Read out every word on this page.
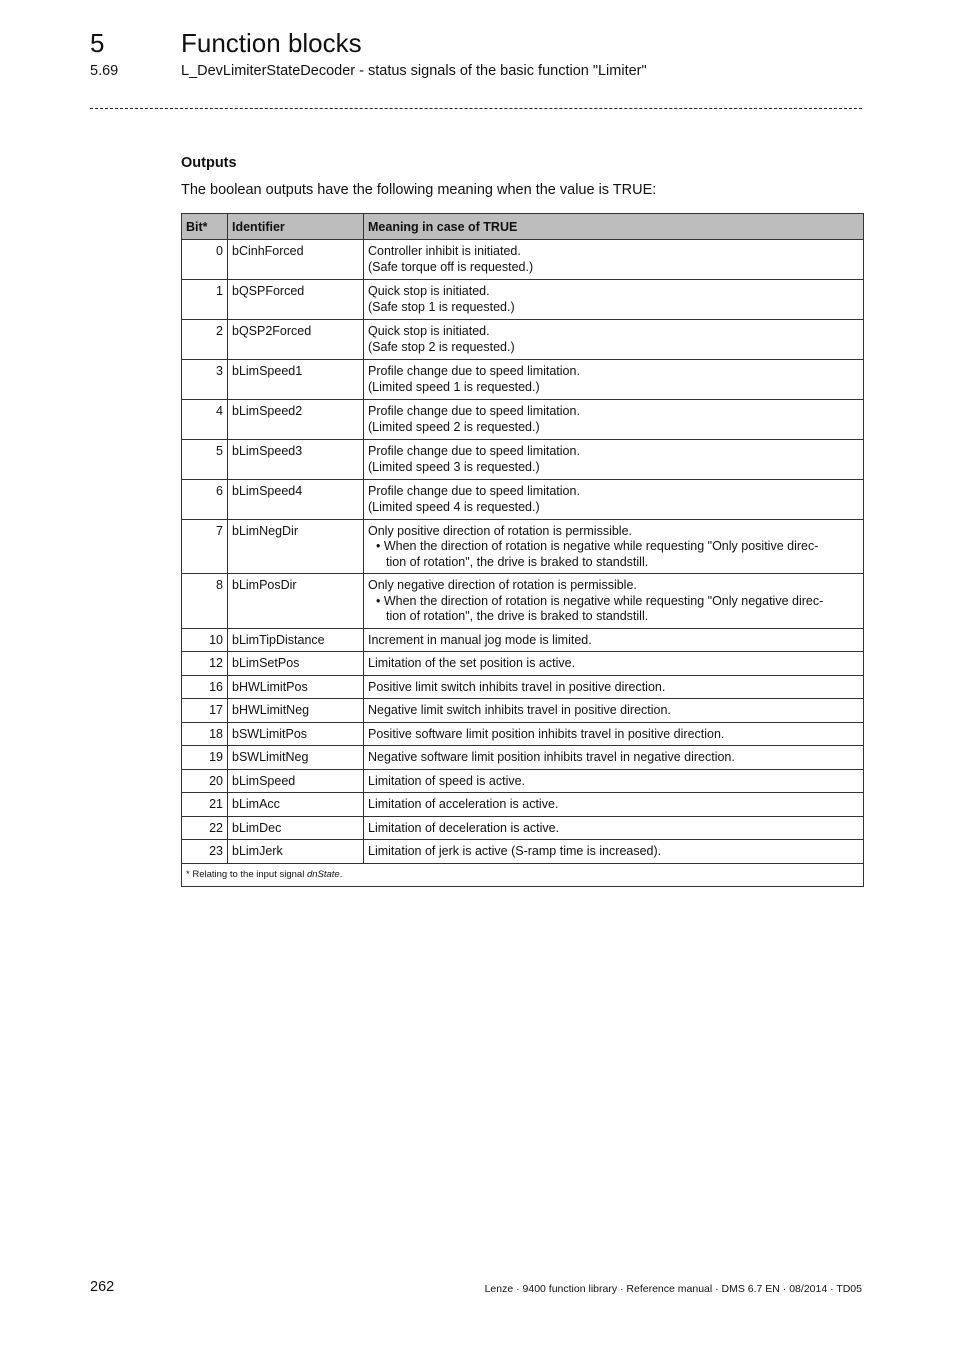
5	Function blocks
5.69	L_DevLimiterStateDecoder - status signals of the basic function "Limiter"
Outputs
The boolean outputs have the following meaning when the value is TRUE:
Bit*	Identifier	Meaning in case of TRUE
0	bCinhForced	Controller inhibit is initiated.
(Safe torque off is requested.)

1	bQSPForced	Quick stop is initiated.
(Safe stop 1 is requested.)

2	bQSP2Forced	Quick stop is initiated.
(Safe stop 2 is requested.)

3	bLimSpeed1	Profile change due to speed limitation.
(Limited speed 1 is requested.)

4	bLimSpeed2	Profile change due to speed limitation.
(Limited speed 2 is requested.)

5	bLimSpeed3	Profile change due to speed limitation.
(Limited speed 3 is requested.)

6	bLimSpeed4	Profile change due to speed limitation.
(Limited speed 4 is requested.)

7	bLimNegDir	Only positive direction of rotation is permissible.
• When the direction of rotation is negative while requesting "Only positive direc-
tion of rotation", the drive is braked to standstill.

8	bLimPosDir	Only negative direction of rotation is permissible.
• When the direction of rotation is negative while requesting "Only negative direc-
tion of rotation", the drive is braked to standstill.

10	bLimTipDistance	Increment in manual jog mode is limited.
12	bLimSetPos	Limitation of the set position is active.
16	bHWLimitPos	Positive limit switch inhibits travel in positive direction.
17	bHWLimitNeg	Negative limit switch inhibits travel in positive direction.
18	bSWLimitPos	Positive software limit position inhibits travel in positive direction.
19	bSWLimitNeg	Negative software limit position inhibits travel in negative direction.
20	bLimSpeed	Limitation of speed is active.
21	bLimAcc	Limitation of acceleration is active.
22	bLimDec	Limitation of deceleration is active.
23	bLimJerk	Limitation of jerk is active (S-ramp time is increased).
* Relating to the input signal dnState.		
262	Lenze · 9400 function library · Reference manual · DMS 6.7 EN · 08/2014 · TD05
